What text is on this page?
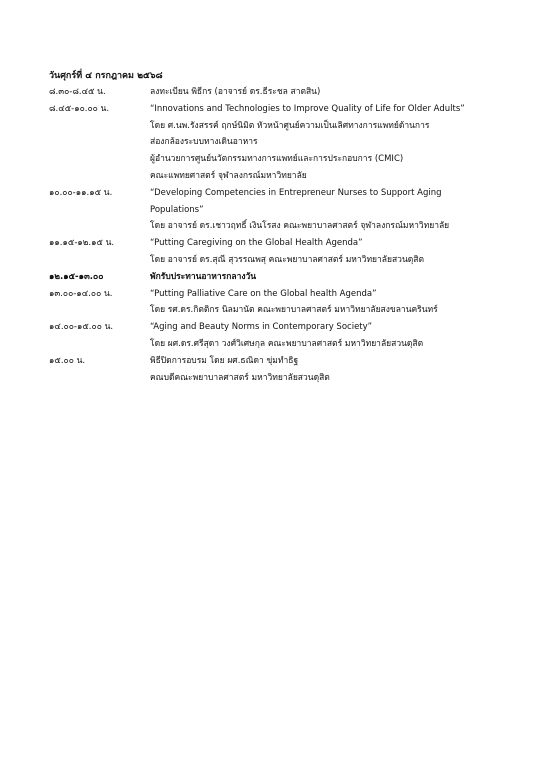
วันศุกร์ที่ ๔ กรกฎาคม ๒๕๖๘
๘.๓๐-๘.๔๕ น.	ลงทะเบียน พิธีกร (อาจารย์ ดร.ธีระชล สาตสิน)
๘.๔๕-๑๐.๐๐ น.	“Innovations and Technologies to Improve Quality of Life for Older Adults”
โดย ศ.นพ.รังสรรค์ ฤกษ์นิมิต หัวหน้าศูนย์ความเป็นเลิศทางการแพทย์ด้านการ
ส่องกล้องระบบทางเดินอาหาร
ผู้อำนวยการศูนย์นวัตกรรมทางการแพทย์และการประกอบการ (CMIC)
คณะแพทยศาสตร์ จุฬาลงกรณ์มหาวิทยาลัย
๑๐.๐๐-๑๑.๑๕ น.	“Developing Competencies in Entrepreneur Nurses to Support Aging
Populations”
โดย อาจารย์ ดร.เชาวฤทธิ์ เงินโรสง คณะพยาบาลศาสตร์ จุฬาลงกรณ์มหาวิทยาลัย
๑๑.๑๕-๑๒.๑๕ น.	“Putting Caregiving on the Global Health Agenda”
โดย อาจารย์ ดร.สุณี สุวรรณพสุ คณะพยาบาลศาสตร์ มหาวิทยาลัยสวนดุสิต
๑๒.๑๕-๑๓.๐๐	พักรับประทานอาหารกลางวัน
๑๓.๐๐-๑๔.๐๐ น.	“Putting Palliative Care on the Global health Agenda”
โดย รศ.ดร.กิตติกร นิลมานัต คณะพยาบาลศาสตร์ มหาวิทยาลัยสงขลานครินทร์
๑๔.๐๐-๑๕.๐๐ น.	“Aging and Beauty Norms in Contemporary Society”
โดย ผศ.ดร.ศรีสุดา วงศ์วิเศษกุล คณะพยาบาลศาสตร์ มหาวิทยาลัยสวนดุสิต
๑๕.๐๐ น.	พิธีปิดการอบรม โดย ผศ.ธณิดา ขุ่มทำธิฐ
คณบดีคณะพยาบาลศาสตร์ มหาวิทยาลัยสวนดุสิต
